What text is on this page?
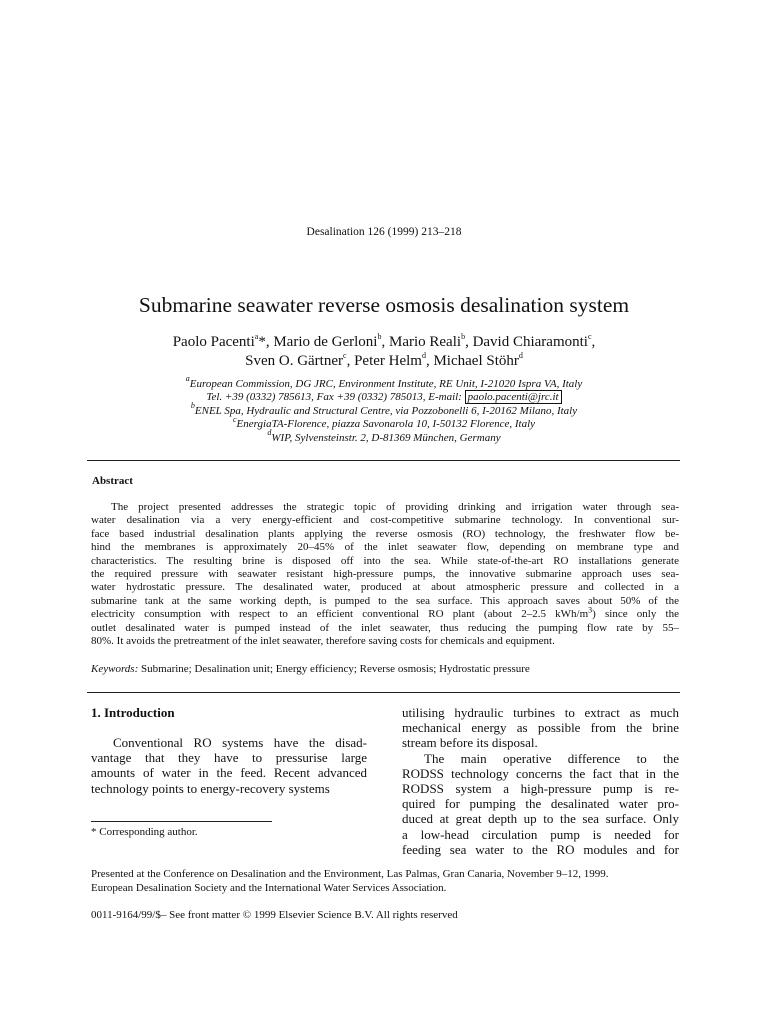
Desalination 126 (1999) 213–218
Submarine seawater reverse osmosis desalination system
Paolo Pacenti$^a$*, Mario de Gerloni$^b$, Mario Reali$^b$, David Chiaramonti$^c$,
Sven O. Gärtner$^c$, Peter Helm$^d$, Michael Stöhr$^d$
$^a$European Commission, DG JRC, Environment Institute, RE Unit, I-21020 Ispra VA, Italy
Tel. +39 (0332) 785613, Fax +39 (0332) 785013, E-mail: paolo.pacenti@jrc.it
$^b$ENEL Spa, Hydraulic and Structural Centre, via Pozzobonelli 6, I-20162 Milano, Italy
$^c$EnergiaTA-Florence, piazza Savonarola 10, I-50132 Florence, Italy
$^d$WIP, Sylvensteinstr. 2, D-81369 München, Germany
Abstract
The project presented addresses the strategic topic of providing drinking and irrigation water through sea-
water desalination via a very energy-efficient and cost-competitive submarine technology. In conventional sur-
face based industrial desalination plants applying the reverse osmosis (RO) technology, the freshwater flow be-
hind the membranes is approximately 20–45% of the inlet seawater flow, depending on membrane type and
characteristics. The resulting brine is disposed off into the sea. While state-of-the-art RO installations generate
the required pressure with seawater resistant high-pressure pumps, the innovative submarine approach uses sea-
water hydrostatic pressure. The desalinated water, produced at about atmospheric pressure and collected in a
submarine tank at the same working depth, is pumped to the sea surface. This approach saves about 50% of the
electricity consumption with respect to an efficient conventional RO plant (about 2–2.5 kWh/$m^3$) since only the
outlet desalinated water is pumped instead of the inlet seawater, thus reducing the pumping flow rate by 55–
80%. It avoids the pretreatment of the inlet seawater, therefore saving costs for chemicals and equipment.
Keywords: Submarine; Desalination unit; Energy efficiency; Reverse osmosis; Hydrostatic pressure
1. Introduction
Conventional RO systems have the disad-
vantage that they have to pressurise large
amounts of water in the feed. Recent advanced
technology points to energy-recovery systems
utilising hydraulic turbines to extract as much
mechanical energy as possible from the brine
stream before its disposal.
The main operative difference to the
RODSS technology concerns the fact that in the
RODSS system a high-pressure pump is re-
quired for pumping the desalinated water pro-
duced at great depth up to the sea surface. Only
a low-head circulation pump is needed for
feeding sea water to the RO modules and for
* Corresponding author.
Presented at the Conference on Desalination and the Environment, Las Palmas, Gran Canaria, November 9–12, 1999.
European Desalination Society and the International Water Services Association.
0011-9164/99/$– See front matter © 1999 Elsevier Science B.V. All rights reserved
